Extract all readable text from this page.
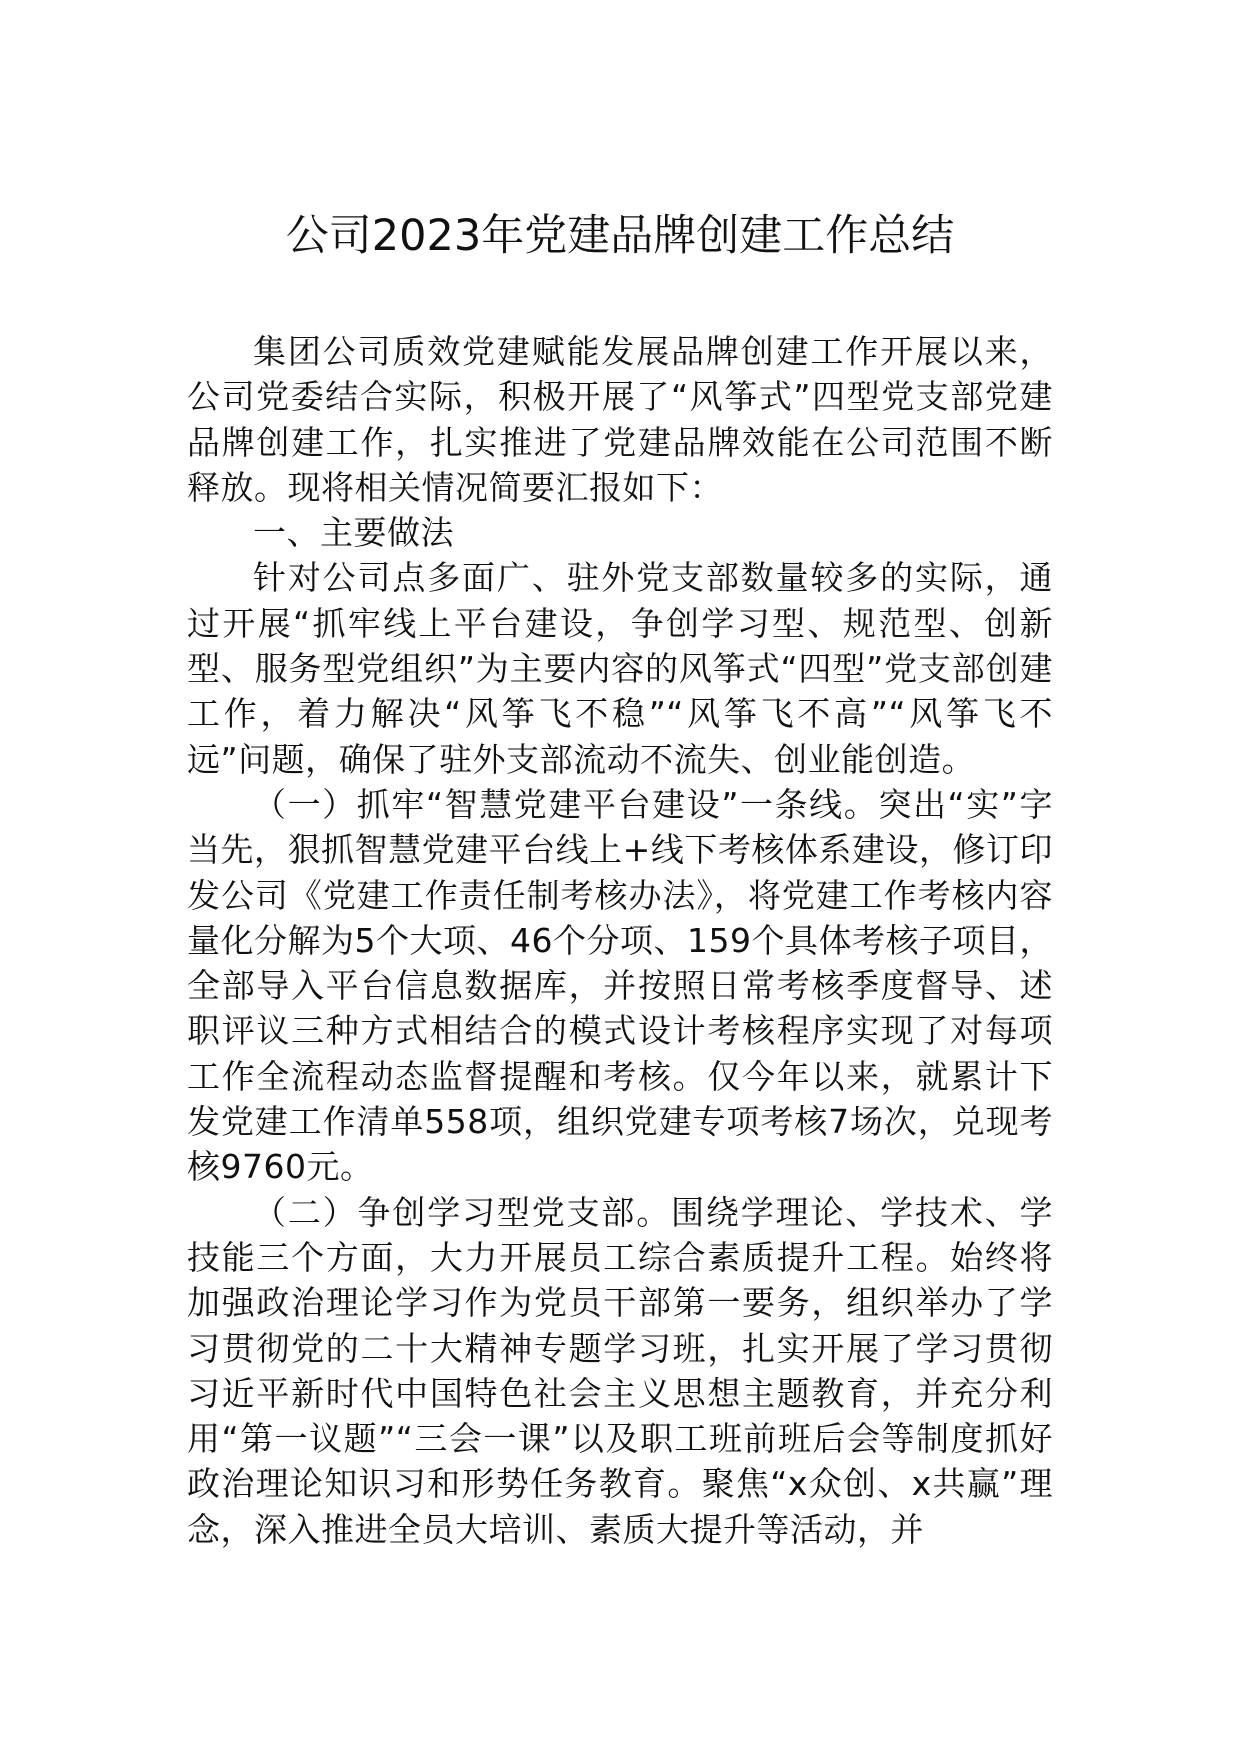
公司2023年党建品牌创建工作总结

集团公司质效党建赋能发展品牌创建工作开展以来，公司党委结合实际，积极开展了“风筝式”四型党支部党建品牌创建工作，扎实推进了党建品牌效能在公司范围不断释放。现将相关情况简要汇报如下：

一、主要做法

针对公司点多面广、驻外党支部数量较多的实际，通过开展“抓牢线上平台建设，争创学习型、规范型、创新型、服务型党组织”为主要内容的风筝式“四型”党支部创建工作，着力解决“风筝飞不稳”“风筝飞不高”“风筝飞不远”问题，确保了驻外支部流动不流失、创业能创造。

（一）抓牢“智慧党建平台建设”一条线。突出“实”字当先，狠抓智慧党建平台线上+线下考核体系建设，修订印发公司《党建工作责任制考核办法》，将党建工作考核内容量化分解为5个大项、46个分项、159个具体考核子项目，全部导入平台信息数据库，并按照日常考核季度督导、述职评议三种方式相结合的模式设计考核程序实现了对每项工作全流程动态监督提醒和考核。仅今年以来，就累计下发党建工作清单558项，组织党建专项考核7场次，兑现考核9760元。

（二）争创学习型党支部。围绕学理论、学技术、学技能三个方面，大力开展员工综合素质提升工程。始终将加强政治理论学习作为党员干部第一要务，组织举办了学习贯彻党的二十大精神专题学习班，扎实开展了学习贯彻习近平新时代中国特色社会主义思想主题教育，并充分利用“第一议题”“三会一课”以及职工班前班后会等制度抓好政治理论知识习和形势任务教育。聚焦“x众创、x共赢”理念，深入推进全员大培训、素质大提升等活动，并
